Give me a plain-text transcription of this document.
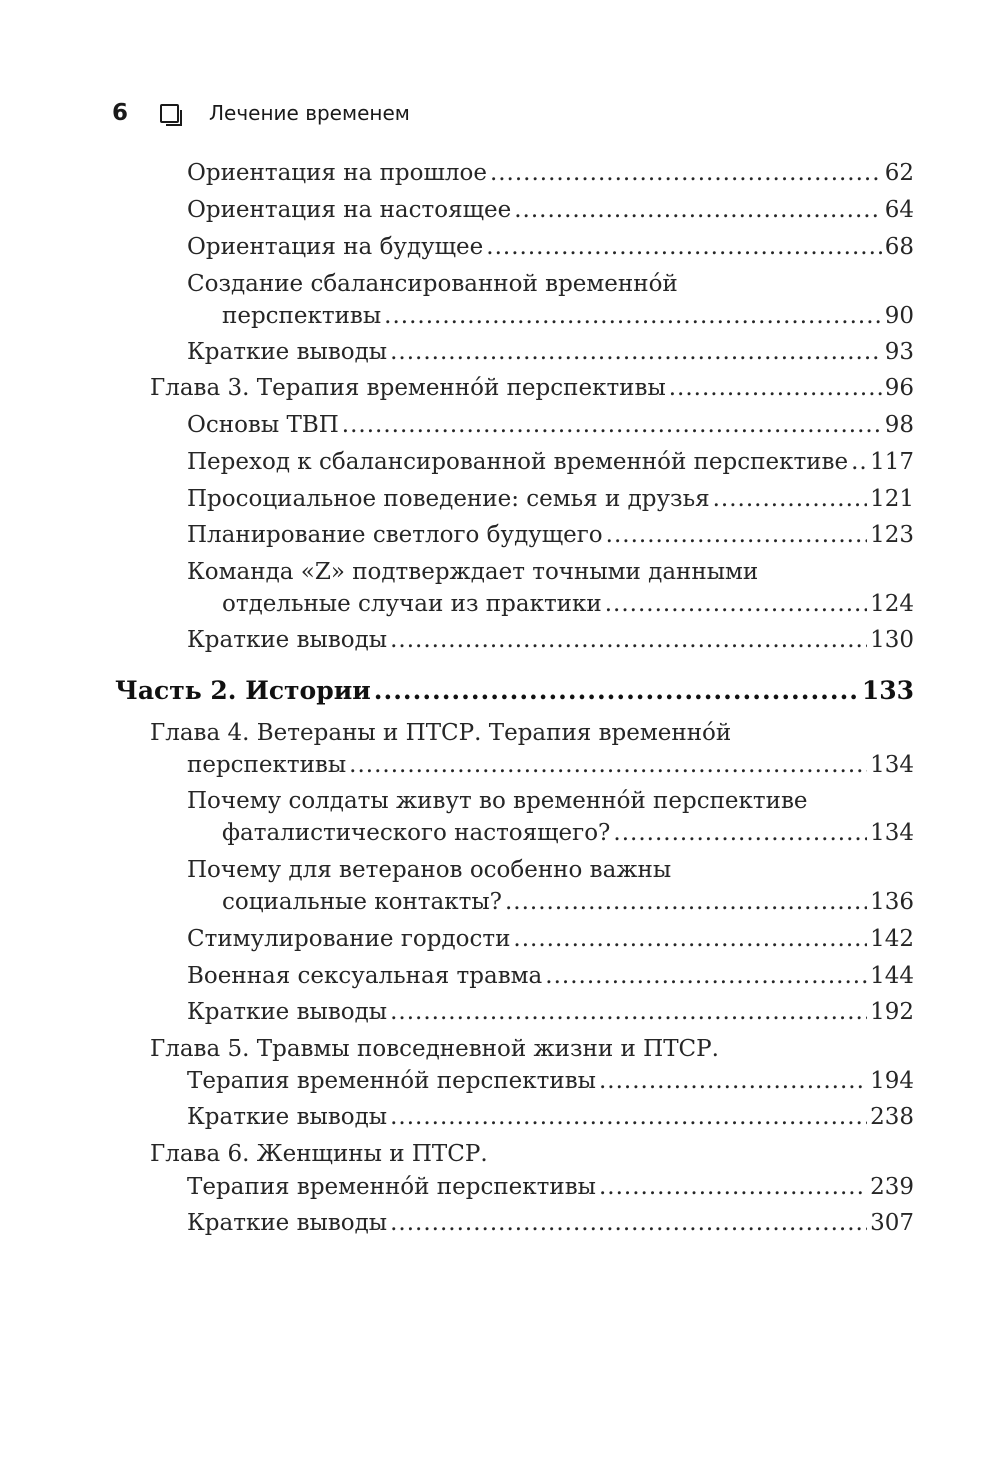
6	Лечение временем
Ориентация на прошлое .....	62
Ориентация на настоящее .....	64
Ориентация на будущее .....	68
Создание сбалансированной временнóй
перспективы .....	90
Краткие выводы .....	93
Глава 3. Терапия временнóй перспективы .....	96
Основы ТВП .....	98
Переход к сбалансированной временнóй перспективе ..... 117
Просоциальное поведение: семья и друзья .....	121
Планирование светлого будущего .....	123
Команда «Z» подтверждает точными данными
отдельные случаи из практики .....	124
Краткие выводы .....	130
Часть 2. Истории .....	133
Глава 4. Ветераны и ПТСР. Терапия временнóй
перспективы .....	134
Почему солдаты живут во временнóй перспективе
фаталистического настоящего? .....	134
Почему для ветеранов особенно важны
социальные контакты? .....	136
Стимулирование гордости .....	142
Военная сексуальная травма .....	144
Краткие выводы .....	192
Глава 5. Травмы повседневной жизни и ПТСР.
Терапия временнóй перспективы .....	194
Краткие выводы .....	238
Глава 6. Женщины и ПТСР.
Терапия временнóй перспективы .....	239
Краткие выводы .....	307
